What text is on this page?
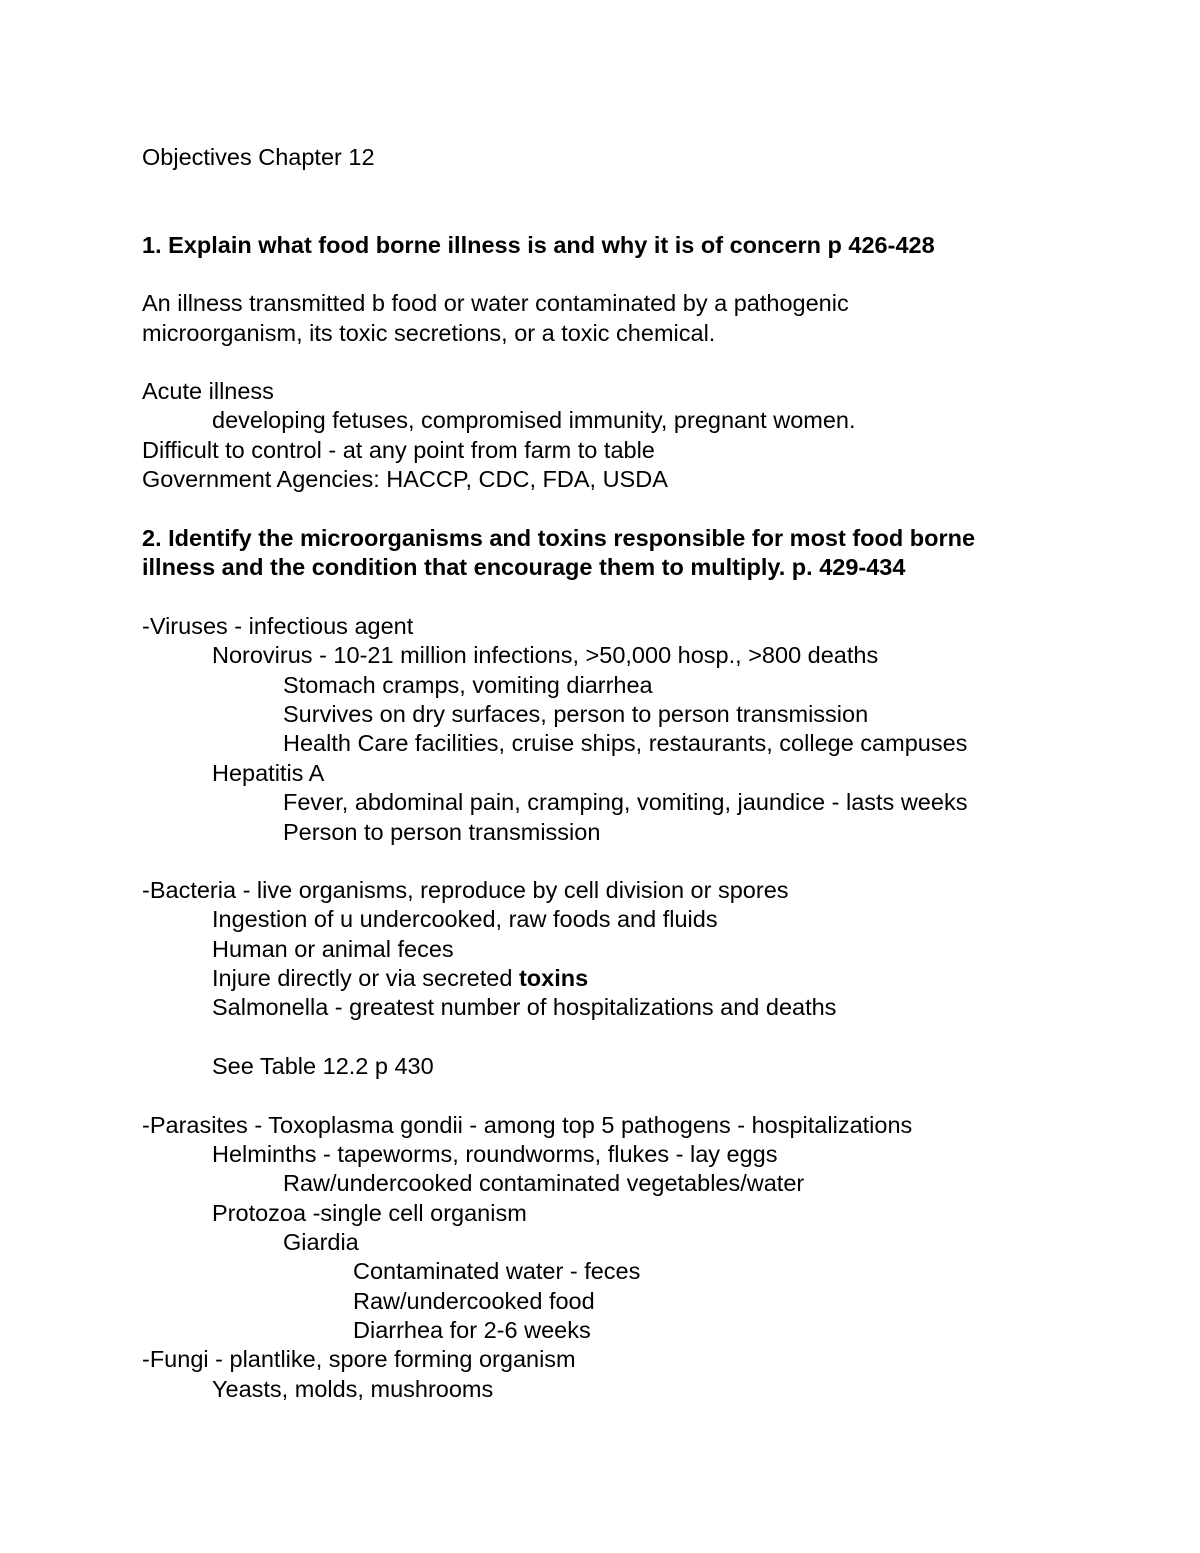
Objectives Chapter 12
1. Explain what food borne illness is and why it is of concern p 426-428
An illness transmitted b food or water contaminated by a pathogenic
microorganism, its toxic secretions, or a toxic chemical.
Acute illness
developing fetuses, compromised immunity, pregnant women.
Difficult to control - at any point from farm to table
Government Agencies: HACCP, CDC, FDA, USDA
2. Identify the microorganisms and toxins responsible for most food borne
illness and the condition that encourage them to multiply. p. 429-434
-Viruses - infectious agent
Norovirus - 10-21 million infections, >50,000 hosp., >800 deaths
Stomach cramps, vomiting diarrhea
Survives on dry surfaces, person to person transmission
Health Care facilities, cruise ships, restaurants, college campuses
Hepatitis A
Fever, abdominal pain, cramping, vomiting, jaundice - lasts weeks
Person to person transmission
-Bacteria - live organisms, reproduce by cell division or spores
Ingestion of u undercooked, raw foods and fluids
Human or animal feces
Injure directly or via secreted toxins
Salmonella - greatest number of hospitalizations and deaths
See Table 12.2 p 430
-Parasites - Toxoplasma gondii - among top 5 pathogens - hospitalizations
Helminths - tapeworms, roundworms, flukes - lay eggs
Raw/undercooked contaminated vegetables/water
Protozoa -single cell organism
Giardia
Contaminated water - feces
Raw/undercooked food
Diarrhea for 2-6 weeks
-Fungi - plantlike, spore forming organism
Yeasts, molds, mushrooms
